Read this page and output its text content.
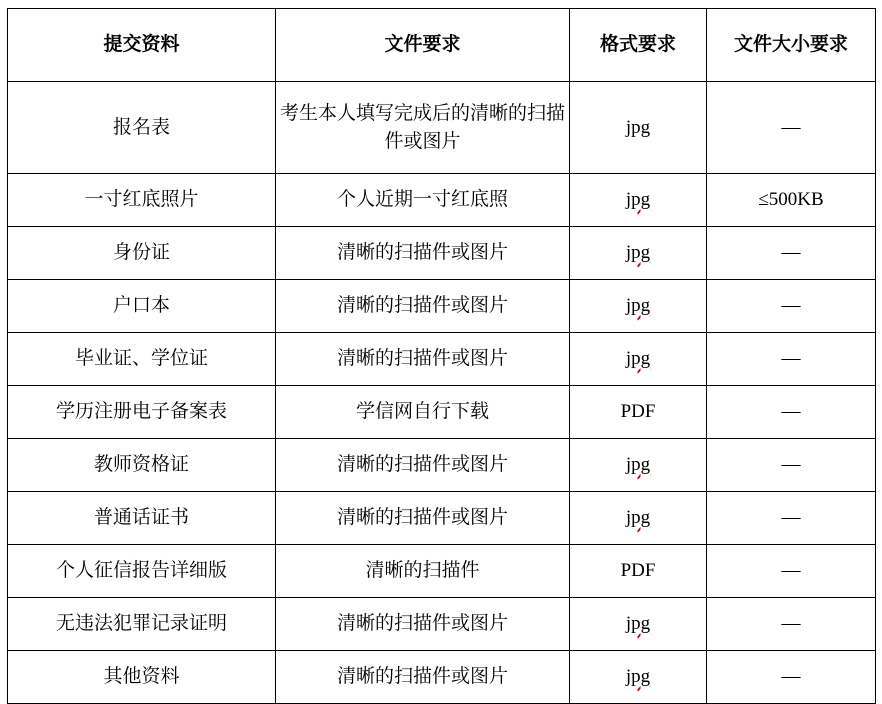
提交资料	文件要求	格式要求	文件大小要求
报名表	考生本人填写完成后的清晰的扫描件或图片	jpg	—
一寸红底照片	个人近期一寸红底照	jpg	≤500KB
身份证	清晰的扫描件或图片	jpg	—
户口本	清晰的扫描件或图片	jpg	—
毕业证、学位证	清晰的扫描件或图片	jpg	—
学历注册电子备案表	学信网自行下载	PDF	—
教师资格证	清晰的扫描件或图片	jpg	—
普通话证书	清晰的扫描件或图片	jpg	—
个人征信报告详细版	清晰的扫描件	PDF	—
无违法犯罪记录证明	清晰的扫描件或图片	jpg	—
其他资料	清晰的扫描件或图片	jpg	—
